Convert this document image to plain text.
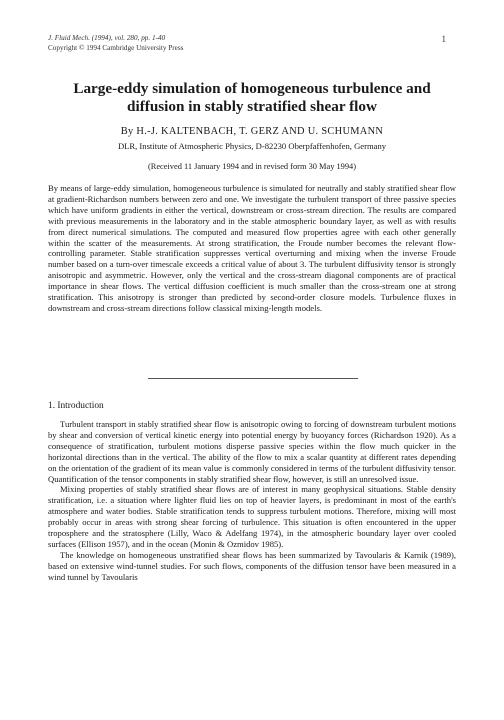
J. Fluid Mech. (1994), vol. 280, pp. 1-40
Copyright © 1994 Cambridge University Press
1
Large-eddy simulation of homogeneous turbulence and diffusion in stably stratified shear flow
By H.-J. KALTENBACH, T. GERZ AND U. SCHUMANN
DLR, Institute of Atmospheric Physics, D-82230 Oberpfaffenhofen, Germany
(Received 11 January 1994 and in revised form 30 May 1994)
By means of large-eddy simulation, homogeneous turbulence is simulated for neutrally and stably stratified shear flow at gradient-Richardson numbers between zero and one. We investigate the turbulent transport of three passive species which have uniform gradients in either the vertical, downstream or cross-stream direction. The results are compared with previous measurements in the laboratory and in the stable atmospheric boundary layer, as well as with results from direct numerical simulations. The computed and measured flow properties agree with each other generally within the scatter of the measurements. At strong stratification, the Froude number becomes the relevant flow-controlling parameter. Stable stratification suppresses vertical overturning and mixing when the inverse Froude number based on a turn-over timescale exceeds a critical value of about 3. The turbulent diffusivity tensor is strongly anisotropic and asymmetric. However, only the vertical and the cross-stream diagonal components are of practical importance in shear flows. The vertical diffusion coefficient is much smaller than the cross-stream one at strong stratification. This anisotropy is stronger than predicted by second-order closure models. Turbulence fluxes in downstream and cross-stream directions follow classical mixing-length models.
1. Introduction

Turbulent transport in stably stratified shear flow is anisotropic owing to forcing of downstream turbulent motions by shear and conversion of vertical kinetic energy into potential energy by buoyancy forces (Richardson 1920). As a consequence of stratification, turbulent motions disperse passive species within the flow much quicker in the horizontal directions than in the vertical. The ability of the flow to mix a scalar quantity at different rates depending on the orientation of the gradient of its mean value is commonly considered in terms of the turbulent diffusivity tensor. Quantification of the tensor components in stably stratified shear flow, however, is still an unresolved issue.

Mixing properties of stably stratified shear flows are of interest in many geophysical situations. Stable density stratification, i.e. a situation where lighter fluid lies on top of heavier layers, is predominant in most of the earth's atmosphere and water bodies. Stable stratification tends to suppress turbulent motions. Therefore, mixing will most probably occur in areas with strong shear forcing of turbulence. This situation is often encountered in the upper troposphere and the stratosphere (Lilly, Waco & Adelfang 1974), in the atmospheric boundary layer over cooled surfaces (Ellison 1957), and in the ocean (Monin & Ozmidov 1985).

The knowledge on homogeneous unstratified shear flows has been summarized by Tavoularis & Karnik (1989), based on extensive wind-tunnel studies. For such flows, components of the diffusion tensor have been measured in a wind tunnel by Tavoularis
